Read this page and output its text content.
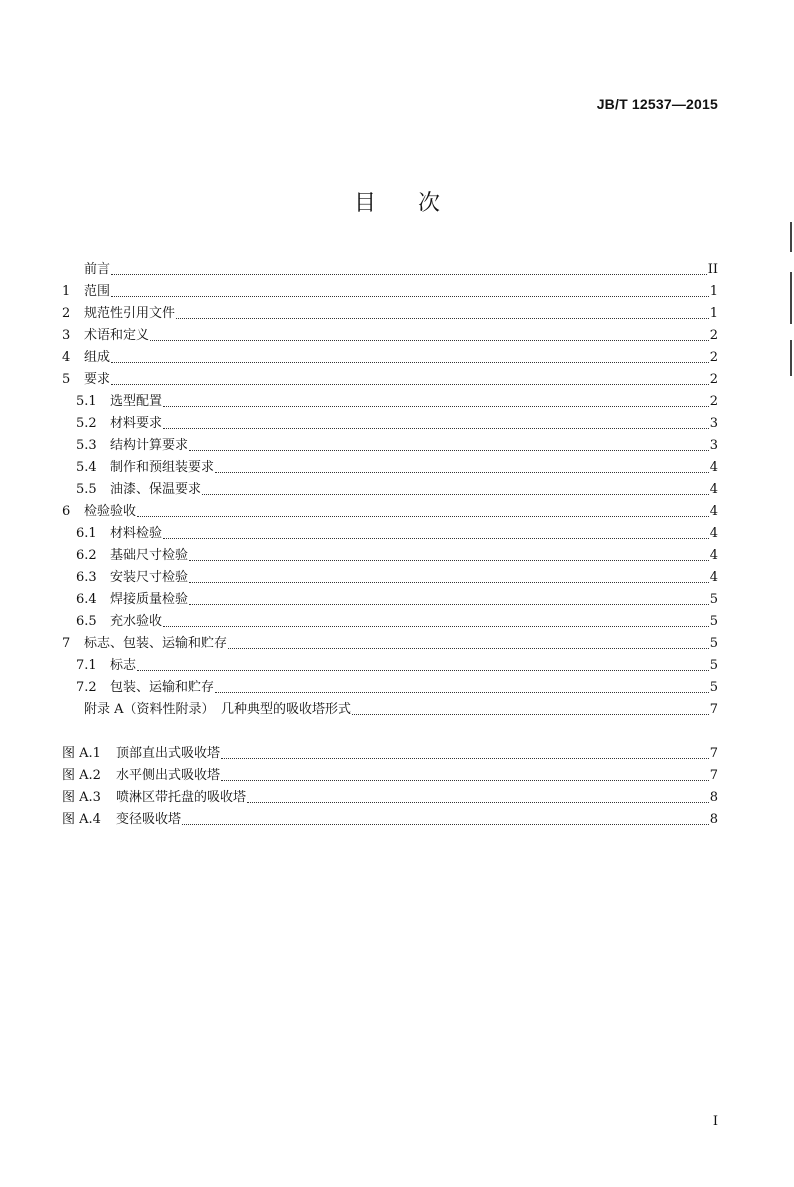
JB/T 12537—2015
目次
前言	II
1	范围	1
2	规范性引用文件	1
3	术语和定义	2
4	组成	2
5	要求	2
5.1	选型配置	2
5.2	材料要求	3
5.3	结构计算要求	3
5.4	制作和预组装要求	4
5.5	油漆、保温要求	4
6	检验验收	4
6.1	材料检验	4
6.2	基础尺寸检验	4
6.3	安装尺寸检验	4
6.4	焊接质量检验	5
6.5	充水验收	5
7	标志、包装、运输和贮存	5
7.1	标志	5
7.2	包装、运输和贮存	5
附录 A（资料性附录）　几种典型的吸收塔形式	7
图 A.1	顶部直出式吸收塔	7
图 A.2	水平侧出式吸收塔	7
图 A.3	喷淋区带托盘的吸收塔	8
图 A.4	变径吸收塔	8
I
